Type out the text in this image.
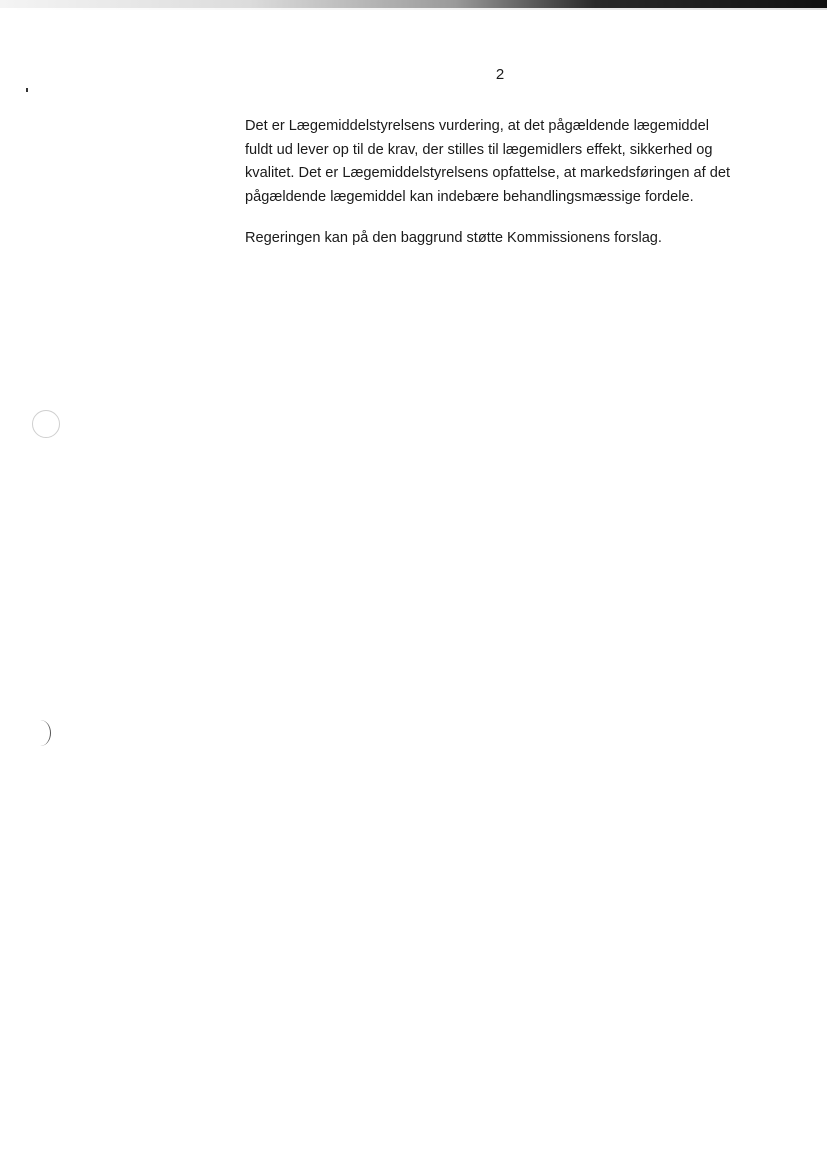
2

Det er Lægemiddelstyrelsens vurdering, at det pågældende lægemiddel
fuldt ud lever op til de krav, der stilles til lægemidlers effekt, sikkerhed og
kvalitet. Det er Lægemiddelstyrelsens opfattelse, at markedsføringen af det
pågældende lægemiddel kan indebære behandlingsmæssige fordele.

Regeringen kan på den baggrund støtte Kommissionens forslag.
